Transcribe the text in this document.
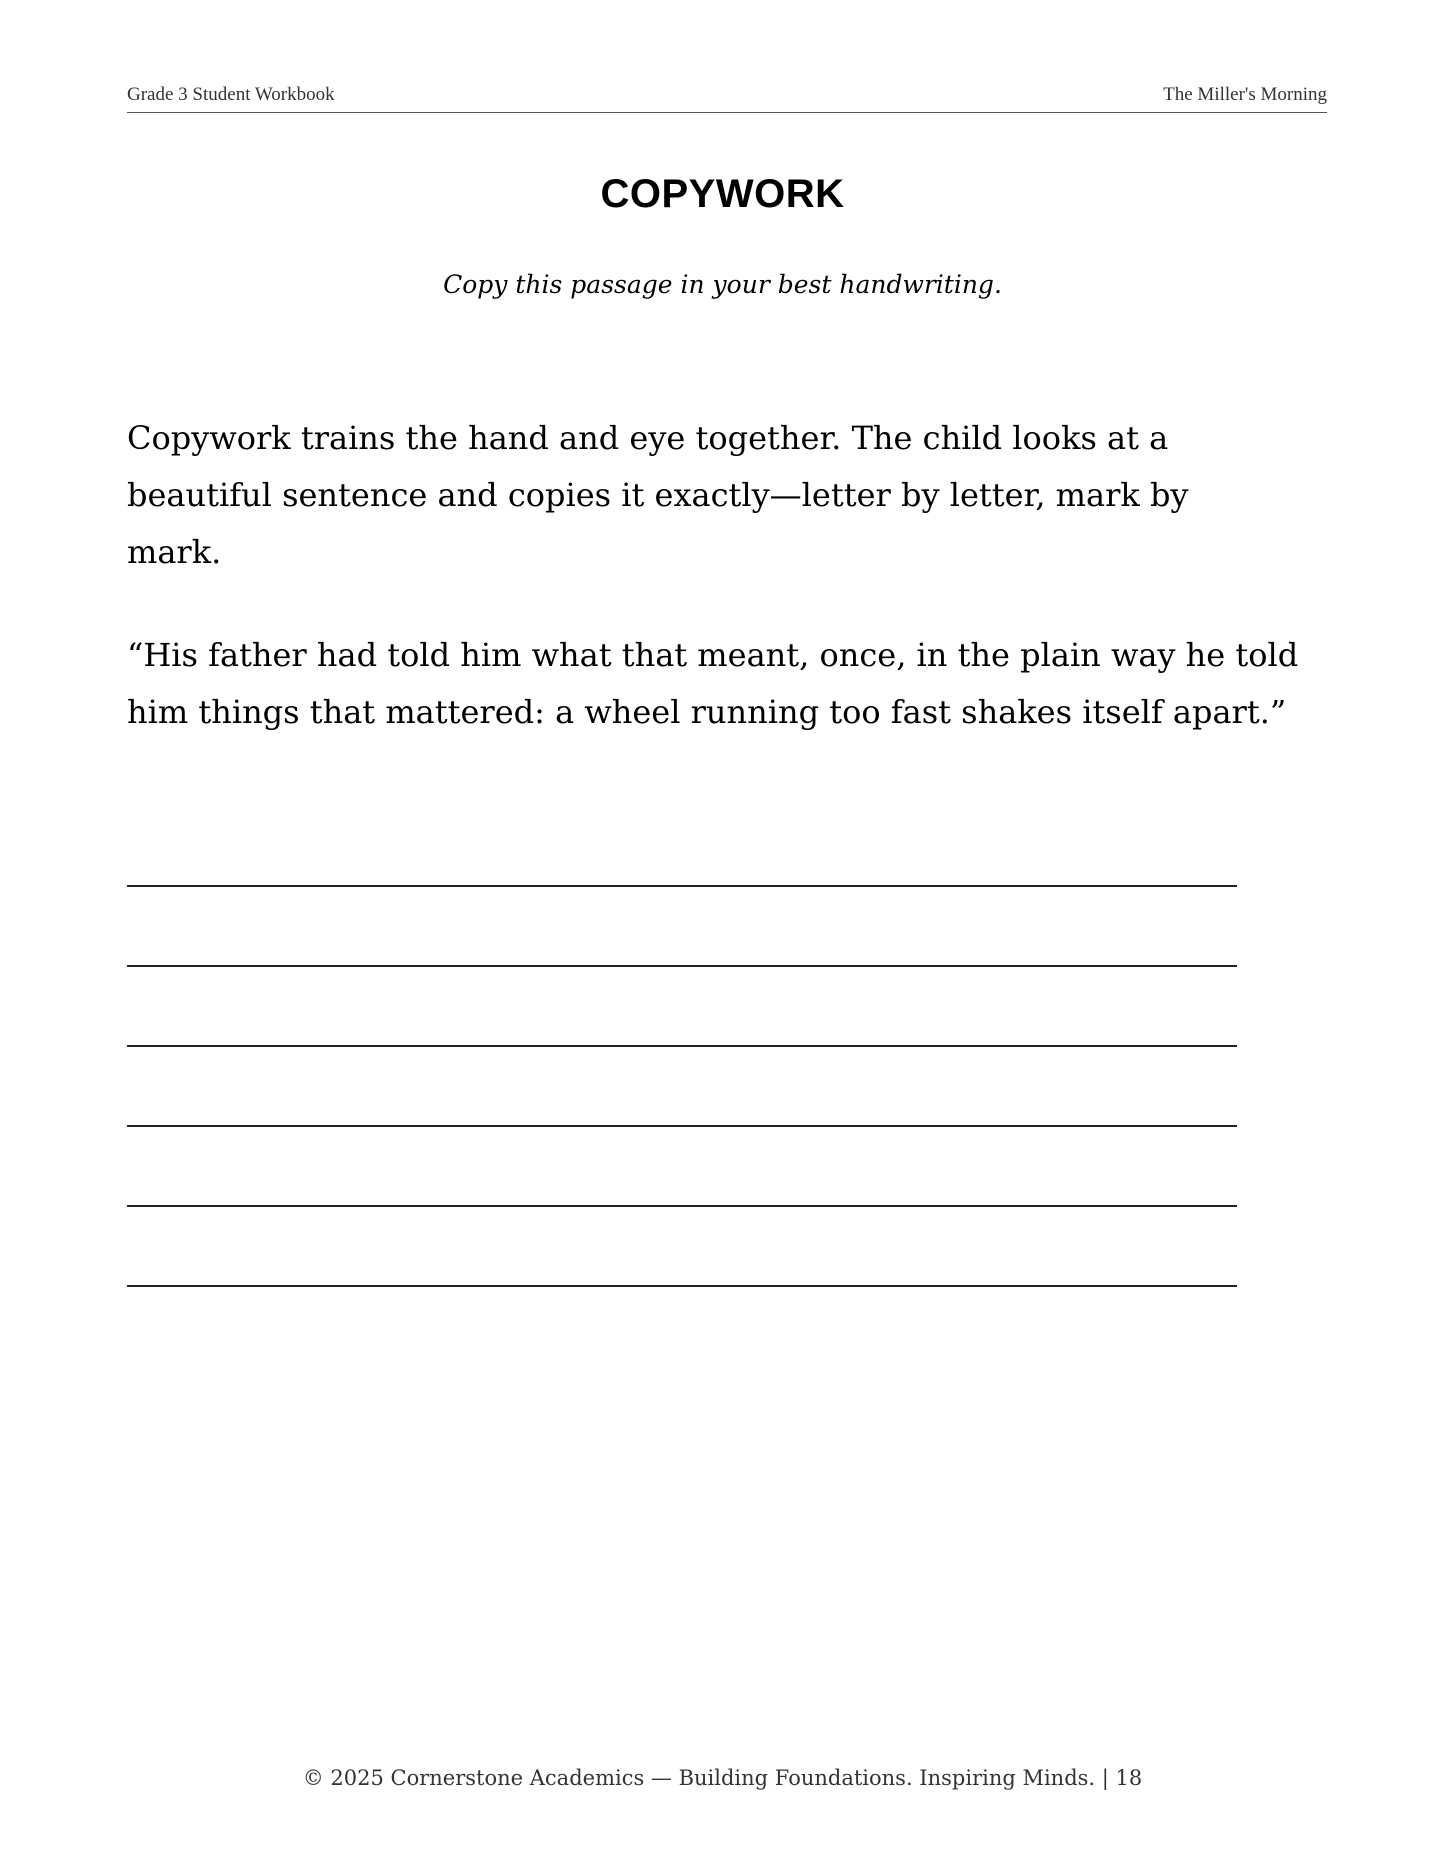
Grade 3 Student Workbook	The Miller's Morning
COPYWORK
Copy this passage in your best handwriting.
Copywork trains the hand and eye together. The child looks at a beautiful sentence and copies it exactly—letter by letter, mark by mark.
“His father had told him what that meant, once, in the plain way he told him things that mattered: a wheel running too fast shakes itself apart.”
© 2025 Cornerstone Academics — Building Foundations. Inspiring Minds. | 18
